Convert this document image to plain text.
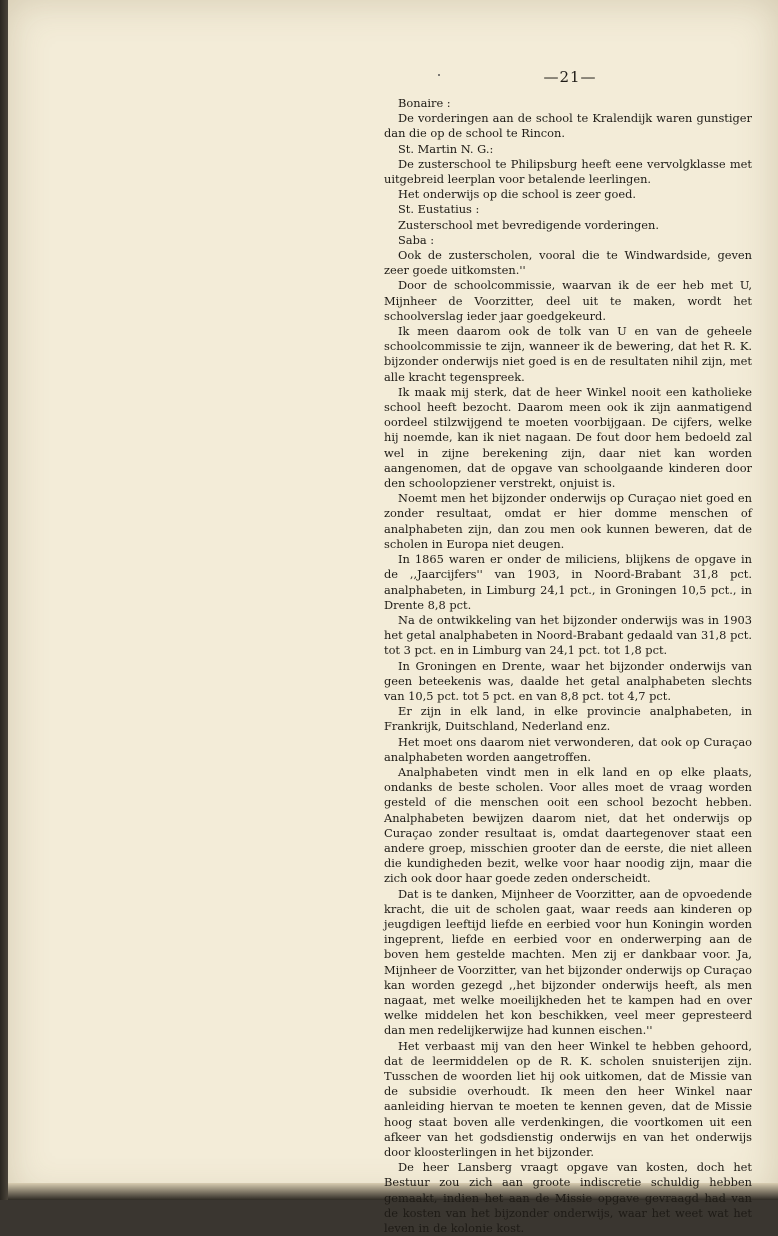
—21—

Bonaire :

De vorderingen aan de school te Kralendijk waren gunstiger dan die op de school te Rincon.

St. Martin N. G.:

De zusterschool te Philipsburg heeft eene vervolgklasse met uitgebreid leerplan voor betalende leerlingen.

Het onderwijs op die school is zeer goed.

St. Eustatius :

Zusterschool met bevredigende vorderingen.

Saba :

Ook de zusterscholen, vooral die te Windwardside, geven zeer goede uitkomsten.''

Door de schoolcommissie, waarvan ik de eer heb met U, Mijnheer de Voorzitter, deel uit te maken, wordt het schoolverslag ieder jaar goedgekeurd.

Ik meen daarom ook de tolk van U en van de geheele schoolcommissie te zijn, wanneer ik de bewering, dat het R. K. bijzonder onderwijs niet goed is en de resultaten nihil zijn, met alle kracht tegenspreek.

Ik maak mij sterk, dat de heer Winkel nooit een katholieke school heeft bezocht. Daarom meen ook ik zijn aanmatigend oordeel stilzwijgend te moeten voorbijgaan. De cijfers, welke hij noemde, kan ik niet nagaan. De fout door hem bedoeld zal wel in zijne berekening zijn, daar niet kan worden aangenomen, dat de opgave van schoolgaande kinderen door den schoolopziener verstrekt, onjuist is.

Noemt men het bijzonder onderwijs op Curaçao niet goed en zonder resultaat, omdat er hier domme menschen of analphabeten zijn, dan zou men ook kunnen beweren, dat de scholen in Europa niet deugen.

In 1865 waren er onder de miliciens, blijkens de opgave in de ,,Jaarcijfers'' van 1903, in Noord-Brabant 31,8 pct. analphabeten, in Limburg 24,1 pct., in Groningen 10,5 pct., in Drente 8,8 pct.

Na de ontwikkeling van het bijzonder onderwijs was in 1903 het getal analphabeten in Noord-Brabant gedaald van 31,8 pct. tot 3 pct. en in Limburg van 24,1 pct. tot 1,8 pct.

In Groningen en Drente, waar het bijzonder onderwijs van geen beteekenis was, daalde het getal analphabeten slechts van 10,5 pct. tot 5 pct. en van 8,8 pct. tot 4,7 pct.

Er zijn in elk land, in elke provincie analphabeten, in Frankrijk, Duitschland, Nederland enz.

Het moet ons daarom niet verwonderen, dat ook op Curaçao analphabeten worden aangetroffen.

Analphabeten vindt men in elk land en op elke plaats, ondanks de beste scholen. Voor alles moet de vraag worden gesteld of die menschen ooit een school bezocht hebben. Analphabeten bewijzen daarom niet, dat het onderwijs op Curaçao zonder resultaat is, omdat daartegenover staat een andere groep, misschien grooter dan de eerste, die niet alleen die kundigheden bezit, welke voor haar noodig zijn, maar die zich ook door haar goede zeden onderscheidt.

Dat is te danken, Mijnheer de Voorzitter, aan de opvoedende kracht, die uit de scholen gaat, waar reeds aan kinderen op jeugdigen leeftijd liefde en eerbied voor hun Koningin worden ingeprent, liefde en eerbied voor en onderwerping aan de boven hem gestelde machten. Men zij er dankbaar voor. Ja, Mijnheer de Voorzitter, van het bijzonder onderwijs op Curaçao kan worden gezegd ,,het bijzonder onderwijs heeft, als men nagaat, met welke moeilijkheden het te kampen had en over welke middelen het kon beschikken, veel meer gepresteerd dan men redelijkerwijze had kunnen eischen.''

Het verbaast mij van den heer Winkel te hebben gehoord, dat de leermiddelen op de R. K. scholen snuisterijen zijn. Tusschen de woorden liet hij ook uitkomen, dat de Missie van de subsidie overhoudt. Ik meen den heer Winkel naar aanleiding hiervan te moeten te kennen geven, dat de Missie hoog staat boven alle verdenkingen, die voortkomen uit een afkeer van het godsdienstig onderwijs en van het onderwijs door kloosterlingen in het bijzonder.

De heer Lansberg vraagt opgave van kosten, doch het Bestuur zou zich aan groote indiscretie schuldig hebben gemaakt, indien het aan de Missie opgave gevraagd had van de kosten van het bijzonder onderwijs, waar het weet wat het leven in de kolonie kost.
